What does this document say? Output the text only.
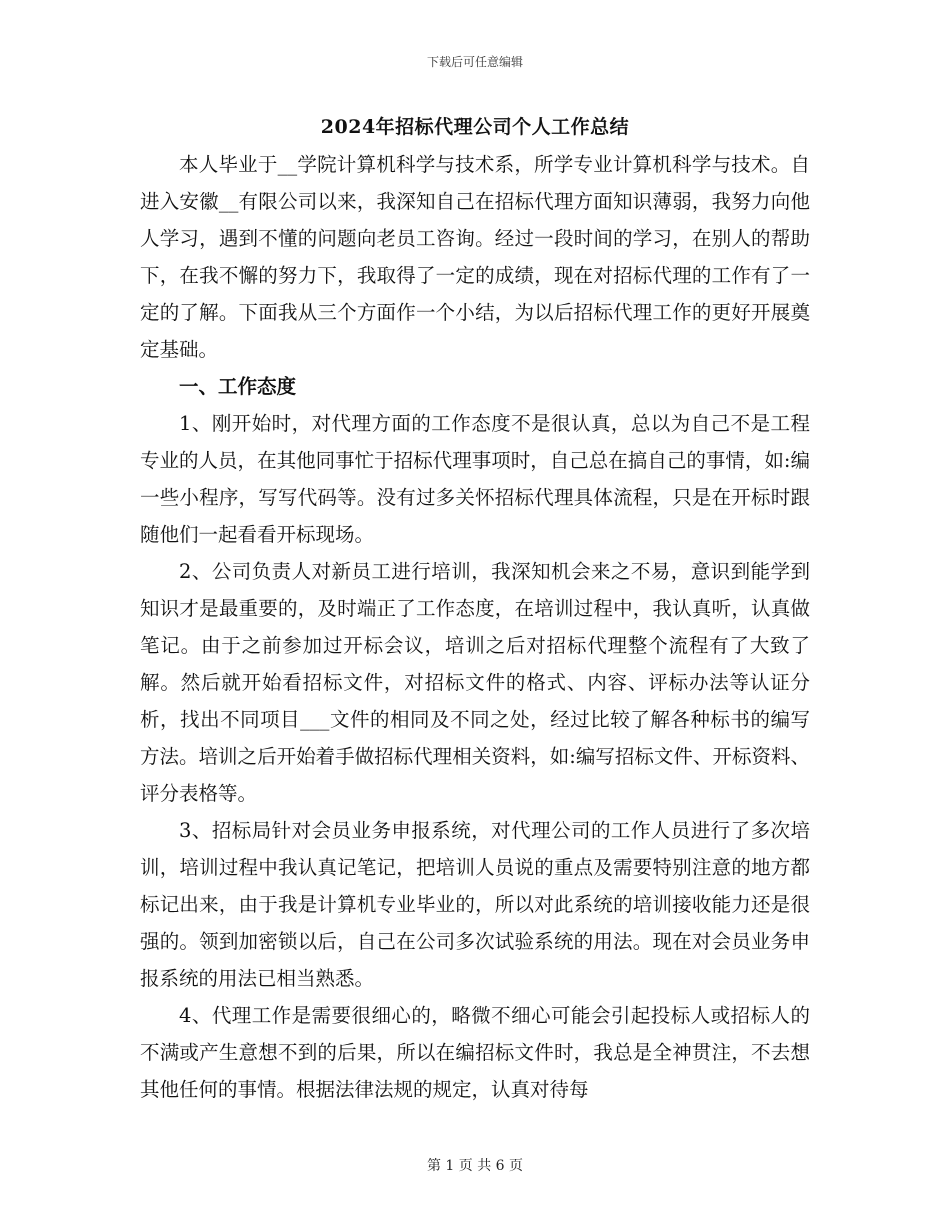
下载后可任意编辑
2024年招标代理公司个人工作总结

本人毕业于__学院计算机科学与技术系，所学专业计算机科学与技术。自进入安徽__有限公司以来，我深知自己在招标代理方面知识薄弱，我努力向他人学习，遇到不懂的问题向老员工咨询。经过一段时间的学习，在别人的帮助下，在我不懈的努力下，我取得了一定的成绩，现在对招标代理的工作有了一定的了解。下面我从三个方面作一个小结，为以后招标代理工作的更好开展奠定基础。

一、工作态度

1、刚开始时，对代理方面的工作态度不是很认真，总以为自己不是工程专业的人员，在其他同事忙于招标代理事项时，自己总在搞自己的事情，如:编一些小程序，写写代码等。没有过多关怀招标代理具体流程，只是在开标时跟随他们一起看看开标现场。

2、公司负责人对新员工进行培训，我深知机会来之不易，意识到能学到知识才是最重要的，及时端正了工作态度，在培训过程中，我认真听，认真做笔记。由于之前参加过开标会议，培训之后对招标代理整个流程有了大致了解。然后就开始看招标文件，对招标文件的格式、内容、评标办法等认证分析，找出不同项目___文件的相同及不同之处，经过比较了解各种标书的编写方法。培训之后开始着手做招标代理相关资料，如:编写招标文件、开标资料、评分表格等。

3、招标局针对会员业务申报系统，对代理公司的工作人员进行了多次培训，培训过程中我认真记笔记，把培训人员说的重点及需要特别注意的地方都标记出来，由于我是计算机专业毕业的，所以对此系统的培训接收能力还是很强的。领到加密锁以后，自己在公司多次试验系统的用法。现在对会员业务申报系统的用法已相当熟悉。

4、代理工作是需要很细心的，略微不细心可能会引起投标人或招标人的不满或产生意想不到的后果，所以在编招标文件时，我总是全神贯注，不去想其他任何的事情。根据法律法规的规定，认真对待每

第 1 页 共 6 页
